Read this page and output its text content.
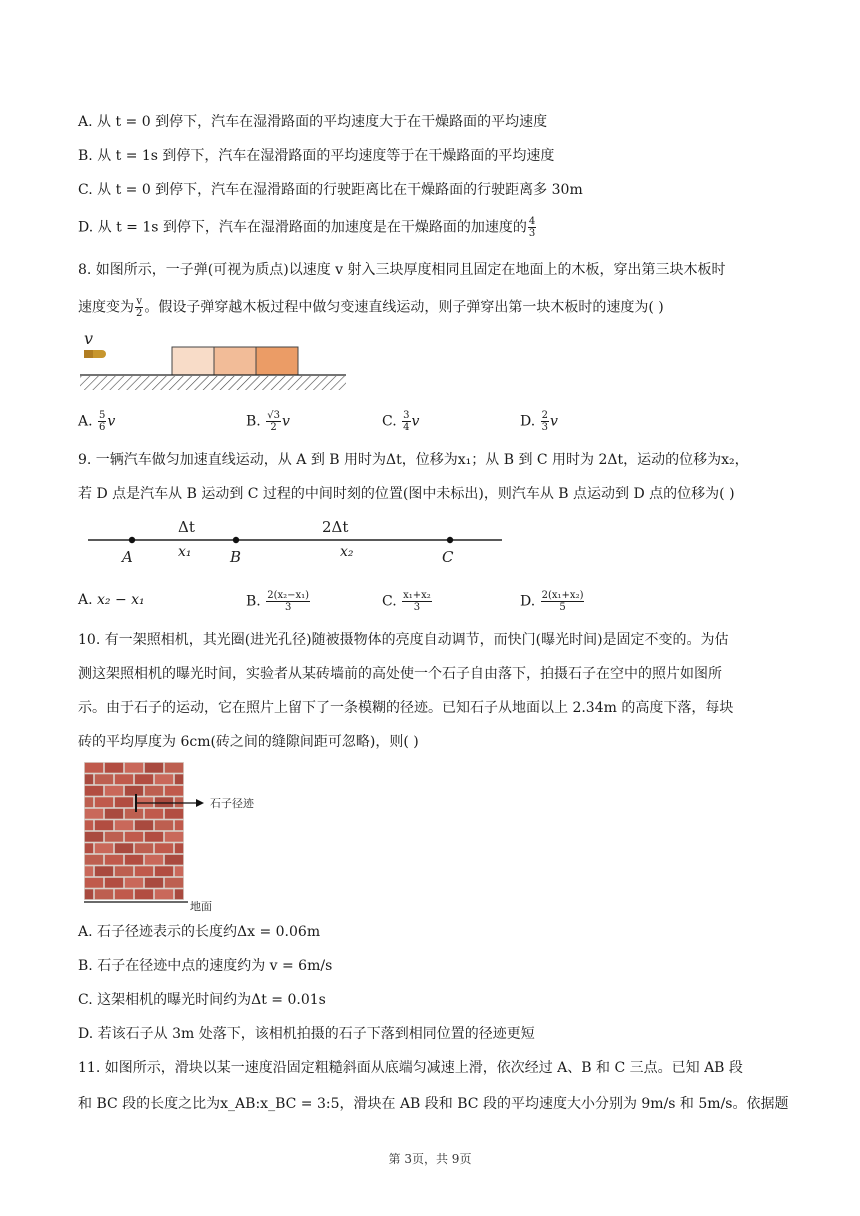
A. 从 t = 0 到停下，汽车在湿滑路面的平均速度大于在干燥路面的平均速度
B. 从 t = 1s 到停下，汽车在湿滑路面的平均速度等于在干燥路面的平均速度
C. 从 t = 0 到停下，汽车在湿滑路面的行驶距离比在干燥路面的行驶距离多 30m
D. 从 t = 1s 到停下，汽车在湿滑路面的加速度是在干燥路面的加速度的 $\frac{4}{3}$
8. 如图所示，一子弹(可视为质点)以速度 v 射入三块厚度相同且固定在地面上的木板，穿出第三块木板时
速度变为 $\frac{v}{2}$ 。假设子弹穿越木板过程中做匀变速直线运动，则子弹穿出第一块木板时的速度为( )
v
A. $\frac{5}{6}$ v	B. $\frac{√3}{2}$ v	C. $\frac{3}{4}$ v	D. $\frac{2}{3}$ v
9. 一辆汽车做匀加速直线运动，从 A 到 B 用时为Δt，位移为x₁；从 B 到 C 用时为 2Δt，运动的位移为x₂，
若 D 点是汽车从 B 运动到 C 过程的中间时刻的位置(图中未标出)，则汽车从 B 点运动到 D 点的位移为( )
Δt	2Δt
x₁	x₂
A	B	C
A. x₂ − x₁	B. $\frac{\text{2(x₂−x₁)}}{3}$	C. $\frac{\text{x₁+x₂}}{3}$	D. $\frac{\text{2(x₁+x₂)}}{5}$
10. 有一架照相机，其光圈(进光孔径)随被摄物体的亮度自动调节，而快门(曝光时间)是固定不变的。为估
测这架照相机的曝光时间，实验者从某砖墙前的高处使一个石子自由落下，拍摄石子在空中的照片如图所
示。由于石子的运动，它在照片上留下了一条模糊的径迹。已知石子从地面以上 2.34m 的高度下落，每块
砖的平均厚度为 6cm(砖之间的缝隙间距可忽略)，则( )
石子径迹
地面
A. 石子径迹表示的长度约Δx = 0.06m
B. 石子在径迹中点的速度约为 v = 6m/s
C. 这架相机的曝光时间约为Δt = 0.01s
D. 若该石子从 3m 处落下，该相机拍摄的石子下落到相同位置的径迹更短
11. 如图所示，滑块以某一速度沿固定粗糙斜面从底端匀减速上滑，依次经过 A、B 和 C 三点。已知 AB 段
和 BC 段的长度之比为x_AB:x_BC = 3:5，滑块在 AB 段和 BC 段的平均速度大小分别为 9m/s 和 5m/s。依据题
第 3页，共 9页
